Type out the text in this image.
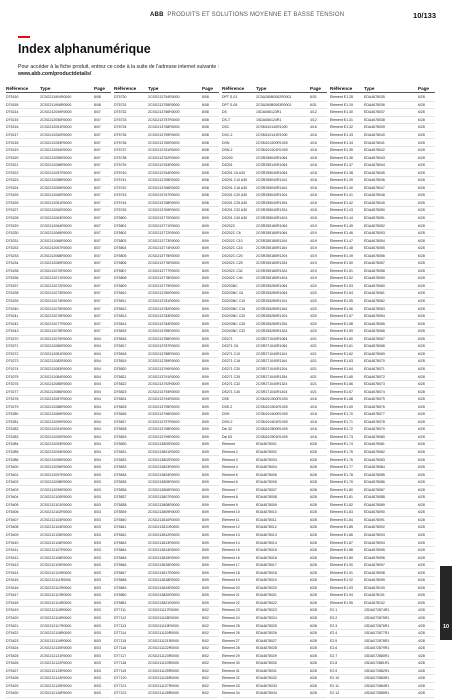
ABB PRODUITS ET SOLUTIONS MOYENNE ET BASSE TENSION	10/133
Index alphanumérique
Pour accéder à la fiche produit, entrez ce code à la suite de l'adresse internet suivante :
www.abb.com/productdetails/
Référence	Type	Page
DT5150	2CSG211904R0000	8/08
DT5155	2CSG211906R0000	8/08
DT5214	2CSG212049R0000	8/07
DT5215	2CSG212050R0000	8/07
DT5216	2CSG212051R0000	8/07
DT5217	2CSG212052R0000	8/07
DT5218	2CSG212053R0000	8/07
DT5219	2CSG212054R0000	8/07
DT5220	2CSG212055R0000	8/07
DT5221	2CSG212056R0000	8/07
DT5222	2CSG212057R0000	8/07
DT5223	2CSG212058R0000	8/07
DT5224	2CSG212059R0000	8/07
DT5225	2CSG212060R0000	8/07
DT5226	2CSG212061R0000	8/07
DT5227	2CSG212062R0000	8/07
DT5228	2CSG212063R0000	8/07
DT5229	2CSG212064R0000	8/07
DT5230	2CSG212065R0000	8/07
DT5231	2CSG212066R0000	8/07
DT5232	2CSG212067R0000	8/07
DT5233	2CSG212068R0000	8/07
DT5234	2CSG212069R0000	8/07
DT5235	2CSG212070R0000	8/07
DT5236	2CSG212071R0000	8/07
DT5237	2CSG212072R0000	8/07
DT5238	2CSG212073R0000	8/07
DT5239	2CSG212074R0000	8/07
DT5240	2CSG212075R0000	8/07
DT5241	2CSG212076R0000	8/07
DT5242	2CSG212077R0000	8/07
DT5243	2CSG212078R0000	8/07
DT5270	2CSG212079R0000	8/04
DT5271	2CSG212080R0000	8/04
DT5272	2CSG212081R0000	8/04
DT5273	2CSG212082R0000	8/04
DT5274	2CSG212083R0000	8/04
DT5275	2CSG212084R0000	8/04
DT5276	2CSG212085R0000	8/04
DT5277	2CSG212086R0000	8/04
DT5278	2CSG212087R0000	8/04
DT5279	2CSG212088R0000	8/04
DT5280	2CSG212089R0000	8/04
DT5281	2CSG212090R0000	8/04
DT5282	2CSG212091R0000	8/04
DT5283	2CSG212092R0000	8/04
DT5284	2CSG212093R0000	8/04
DT5285	2CSG212094R0000	8/04
DT5286	2CSG212095R0000	8/04
DT5400	2CSG212096R0000	8/03
DT5401	2CSG212097R0000	8/03
DT5402	2CSG212098R0000	8/03
DT5403	2CSG212099R0000	8/03
DT5404	2CSG212100R0000	8/03
DT5405	2CSG212101R0000	8/03
DT5406	2CSG212102R0000	8/03
DT5407	2CSG212103R0000	8/03
DT5408	2CSG212104R0000	8/03
DT5409	2CSG212105R0000	8/03
DT5410	2CSG212106R0000	8/03
DT5411	2CSG212107R0000	8/03
DT5412	2CSG212108R0000	8/03
DT5413	2CSG212109R0000	8/03
DT5414	2CSG212110R0000	8/03
DT5415	2CSG212111R0000	8/03
DT5416	2CSG212112R0000	8/03
DT5417	2CSG212113R0000	8/03
DT5418	2CSG212114R0000	8/03
DT5419	2CSG212115R0000	8/03
DT5420	2CSG212116R0000	8/03
DT5421	2CSG212117R0000	8/03
DT5422	2CSG212118R0000	8/03
DT5423	2CSG212119R0000	8/03
DT5424	2CSG212120R0000	8/03
DT5425	2CSG212121R0000	8/03
DT5426	2CSG212122R0000	8/03
DT5427	2CSG212123R0000	8/03
DT5428	2CSG212124R0000	8/03
DT5429	2CSG212125R0000	8/03
DT5430	2CSG212126R0000	8/03
Référence	Type	Page
DT5730	2CSG213754R0000	8/08
DT5731	2CSG213755R0000	8/08
DT5732	2CSG213756R0000	8/08
DT5733	2CSG213757R0000	8/08
DT5734	2CSG213758R0000	8/08
DT5735	2CSG213759R0000	8/08
DT5736	2CSG213760R0000	8/08
DT5737	2CSG213761R0000	8/08
DT5738	2CSG213762R0000	8/08
DT5739	2CSG213763R0000	8/08
DT5740	2CSG213764R0000	8/08
DT5741	2CSG213765R0000	8/08
DT5742	2CSG213766R0000	8/08
DT5743	2CSG213767R0000	8/08
DT5744	2CSG213768R0000	8/08
DT5745	2CSG213769R0000	8/08
DT5800	2CSG213770R0000	8/09
DT5801	2CSG213771R0000	8/09
DT5802	2CSG213772R0000	8/09
DT5803	2CSG213773R0000	8/09
DT5804	2CSG213774R0000	8/09
DT5805	2CSG213775R0000	8/09
DT5806	2CSG213776R0000	8/09
DT5807	2CSG213777R0000	8/09
DT5808	2CSG213778R0000	8/09
DT5809	2CSG213779R0000	8/09
DT5810	2CSG213780R0000	8/09
DT5811	2CSG213781R0000	8/09
DT5812	2CSG213782R0000	8/09
DT5813	2CSG213783R0000	8/09
DT5814	2CSG213784R0000	8/09
DT5815	2CSG213785R0000	8/09
DT5816	2CSG213786R0000	8/09
DT5817	2CSG213787R0000	8/09
DT5818	2CSG213788R0000	8/09
DT5819	2CSG213789R0000	8/09
DT5820	2CSG213790R0000	8/09
DT5821	2CSG213791R0000	8/09
DT5822	2CSG213792R0000	8/09
DT5823	2CSG213793R0000	8/09
DT5824	2CSG213794R0000	8/09
DT5825	2CSG213795R0000	8/09
DT5826	2CSG213796R0000	8/09
DT5827	2CSG213797R0000	8/09
DT5828	2CSG213798R0000	8/09
DT5829	2CSG213799R0000	8/09
DT5830	2CSG213800R0000	8/09
DT5831	2CSG213801R0000	8/09
DT5832	2CSG213802R0000	8/09
DT5833	2CSG213803R0000	8/09
DT5834	2CSG213804R0000	8/09
DT5835	2CSG213805R0000	8/09
DT5836	2CSG213806R0000	8/09
DT5837	2CSG213807R0000	8/09
DT5838	2CSG213808R0000	8/09
DT5839	2CSG213809R0000	8/09
DT5840	2CSG213810R0000	8/09
DT5841	2CSG213811R0000	8/09
DT5842	2CSG213812R0000	8/09
DT5843	2CSG213813R0000	8/09
DT5844	2CSG213814R0000	8/09
DT5845	2CSG213815R0000	8/09
DT5846	2CSG213816R0000	8/09
DT5847	2CSG213817R0000	8/09
DT5848	2CSG213818R0000	8/09
DT5849	2CSG213819R0000	8/09
DT5850	2CSG213820R0000	8/09
DT5851	2CSG213821R0000	8/09
DT7111	2CSG211117R0000	8/02
DT7112	2CSG211118R0000	8/02
DT7113	2CSG211119R0000	8/02
DT7114	2CSG211120R0000	8/02
DT7115	2CSG211121R0000	8/02
DT7116	2CSG211122R0000	8/02
DT7117	2CSG211123R0000	8/02
DT7118	2CSG211124R0000	8/02
DT7119	2CSG211125R0000	8/02
DT7120	2CSG211126R0000	8/02
DT7121	2CSG211127R0000	8/02
DT7122	2CSG211128R0000	8/02
Référence	Type	Page
DPT S-01	2CSA260B0062R0001	6/31
DPT S-05	2CSA260B0063R0001	6/31
DS	1SDA066123R1	4/12
DS-T	1SDA066124R1	4/12
DSC	2CSM110140R1000	4/16
DSC-2	2CSM110141R1000	4/16
DSN	2CSM210200R1000	4/16
DSN-2	2CSM210201R1000	4/16
DS200	2CSR255040R1064	4/18
DS201	2CSR255140R1064	4/18
DS201 C6 A30	2CSR255040R1064	4/18
DS201 C10 A30	2CSR255040R1104	4/18
DS201 C16 A30	2CSR255040R1164	4/18
DS201 C20 A30	2CSR255040R1204	4/18
DS201 C25 A30	2CSR255040R1254	4/18
DS201 C32 A30	2CSR255040R1324	4/18
DS201 C40 A30	2CSR255040R1404	4/18
DS202C	2CSR255180R1064	4/19
DS202C C6	2CSR255180R1064	4/19
DS202C C10	2CSR255180R1104	4/19
DS202C C16	2CSR255180R1164	4/19
DS202C C20	2CSR255180R1204	4/19
DS202C C25	2CSR255180R1254	4/19
DS202C C32	2CSR255180R1324	4/19
DS202C C40	2CSR255180R1404	4/19
DS203NC	2CSR255280R1064	4/20
DS203NC C6	2CSR255280R1064	4/20
DS203NC C10	2CSR255280R1104	4/20
DS203NC C16	2CSR255280R1164	4/20
DS203NC C20	2CSR255280R1204	4/20
DS203NC C25	2CSR255280R1254	4/20
DS203NC C32	2CSR255280R1324	4/20
DS271	2CSR271040R1064	4/21
DS271 C6	2CSR271040R1064	4/21
DS271 C10	2CSR271040R1104	4/21
DS271 C16	2CSR271040R1164	4/21
DS271 C20	2CSR271040R1204	4/21
DS271 C25	2CSR271040R1254	4/21
DS271 C32	2CSR271040R1324	4/21
DS271 C40	2CSR271040R1404	4/21
DSE	2CSM210300R1000	4/16
DSE-2	2CSM210301R1000	4/16
DSH	2CSM210400R1000	4/16
DSH-2	2CSM210401R1000	4/16
Dsi 32	2CSM210500R1000	4/16
Dsi 63	2CSM210501R1000	4/16
Élément	EDA4678001	6/28
Élément 2	EDA4678002	6/28
Élément 3	EDA4678003	6/28
Élément 4	EDA4678004	6/28
Élément 5	EDA4678005	6/28
Élément 6	EDA4678006	6/28
Élément 7	EDA4678007	6/28
Élément 8	EDA4678008	6/28
Élément 9	EDA4678009	6/28
Élément 10	EDA4678010	6/28
Élément 11	EDA4678011	6/28
Élément 12	EDA4678012	6/28
Élément 13	EDA4678013	6/28
Élément 14	EDA4678014	6/28
Élément 15	EDA4678015	6/28
Élément 16	EDA4678016	6/28
Élément 17	EDA4678017	6/28
Élément 18	EDA4678018	6/28
Élément 19	EDA4678019	6/28
Élément 20	EDA4678020	6/28
Élément 21	EDA4678021	6/28
Élément 22	EDA4678022	6/28
Élément 23	EDA4678023	6/28
Élément 24	EDA4678024	6/28
Élément 25	EDA4678025	6/28
Élément 26	EDA4678026	6/28
Élément 27	EDA4678027	6/28
Élément 28	EDA4678028	6/28
Élément 29	EDA4678029	6/28
Élément 30	EDA4678030	6/28
Élément 31	EDA4678031	6/28
Élément 32	EDA4678032	6/28
Élément 33	EDA4678033	6/28
Élément 34	EDA4678034	6/28
Référence	Type	Page
Élément E1.28	EDA4678035	6/28
Élément E1.29	EDA4678036	6/28
Élément E1.30	EDA4678037	6/28
Élément E1.31	EDA4678038	6/28
Élément E1.32	EDA4678039	6/28
Élément E1.33	EDA4678040	6/28
Élément E1.34	EDA4678041	6/28
Élément E1.35	EDA4678042	6/28
Élément E1.36	EDA4678043	6/28
Élément E1.37	EDA4678044	6/28
Élément E1.38	EDA4678045	6/28
Élément E1.39	EDA4678046	6/28
Élément E1.40	EDA4678047	6/28
Élément E1.41	EDA4678048	6/28
Élément E1.42	EDA4678049	6/28
Élément E1.43	EDA4678050	6/28
Élément E1.44	EDA4678051	6/28
Élément E1.45	EDA4678052	6/28
Élément E1.46	EDA4678053	6/28
Élément E1.47	EDA4678054	6/28
Élément E1.48	EDA4678055	6/28
Élément E1.49	EDA4678056	6/28
Élément E1.50	EDA4678057	6/28
Élément E1.51	EDA4678058	6/28
Élément E1.52	EDA4678059	6/28
Élément E1.53	EDA4678060	6/28
Élément E1.54	EDA4678061	6/28
Élément E1.55	EDA4678062	6/28
Élément E1.56	EDA4678063	6/28
Élément E1.57	EDA4678064	6/28
Élément E1.58	EDA4678065	6/28
Élément E1.59	EDA4678066	6/28
Élément E1.60	EDA4678067	6/28
Élément E1.61	EDA4678068	6/28
Élément E1.62	EDA4678069	6/28
Élément E1.63	EDA4678070	6/28
Élément E1.64	EDA4678071	6/28
Élément E1.65	EDA4678072	6/28
Élément E1.66	EDA4678073	6/28
Élément E1.67	EDA4678074	6/28
Élément E1.68	EDA4678075	6/28
Élément E1.69	EDA4678076	6/28
Élément E1.70	EDA4678077	6/28
Élément E1.71	EDA4678078	6/28
Élément E1.72	EDA4678079	6/28
Élément E1.73	EDA4678080	6/28
Élément E1.74	EDA4678081	6/28
Élément E1.75	EDA4678082	6/28
Élément E1.76	EDA4678083	6/28
Élément E1.77	EDA4678084	6/28
Élément E1.78	EDA4678085	6/28
Élément E1.79	EDA4678086	6/28
Élément E1.80	EDA4678087	6/28
Élément E1.81	EDA4678088	6/28
Élément E1.82	EDA4678089	6/28
Élément E1.83	EDA4678090	6/28
Élément E1.84	EDA4678091	6/28
Élément E1.85	EDA4678092	6/28
Élément E1.86	EDA4678093	6/28
Élément E1.87	EDA4678094	6/28
Élément E1.88	EDA4678095	6/28
Élément E1.89	EDA4678096	6/28
Élément E1.90	EDA4678097	6/28
Élément E1.91	EDA4678098	6/28
Élément E1.92	EDA4678099	6/28
Élément E1.93	EDA4678100	6/28
Élément E1.94	EDA4678101	6/28
Élément E1.95	EDA4678102	6/28
E2.1	1SDA072874R1	4/28
E2.2	1SDA072875R1	4/28
E2.3	1SDA072876R1	4/28
E2.4	1SDA072877R1	4/28
E2.5	1SDA072878R1	4/28
E2.6	1SDA072879R1	4/28
E2.7	1SDA072880R1	4/28
E2.8	1SDA072881R1	4/28
E2.9	1SDA072882R1	4/28
E2.10	1SDA072883R1	4/28
E2.11	1SDA072884R1	4/28
E2.12	1SDA072885R1	4/28
10
